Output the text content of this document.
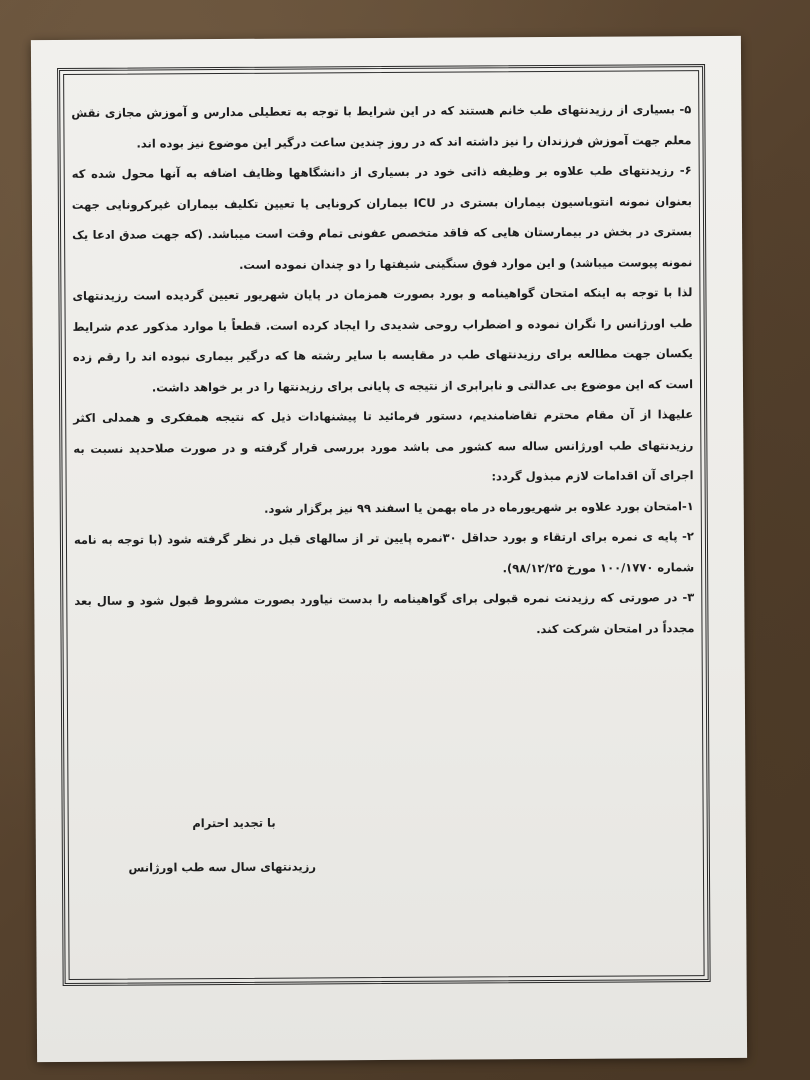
۵- بسیاری از رزیدنتهای طب خانم هستند که در این شرایط با توجه به تعطیلی مدارس و آموزش مجازی نقش معلم جهت آموزش فرزندان را نیز داشته اند که در روز چندین ساعت درگیر این موضوع نیز بوده اند.

۶- رزیدنتهای طب علاوه بر وظیفه ذاتی خود در بسیاری از دانشگاهها وظایف اضافه به آنها محول شده که بعنوان نمونه انتوباسیون بیماران بستری در ICU بیماران کرونایی یا تعیین تکلیف بیماران غیرکرونایی جهت بستری در بخش در بیمارستان هایی که فاقد متخصص عفونی تمام وقت است میباشد. (که جهت صدق ادعا یک نمونه پیوست میباشد) و این موارد فوق سنگینی شیفتها را دو چندان نموده است.

لذا با توجه به اینکه امتحان گواهینامه و بورد بصورت همزمان در پایان شهریور تعیین گردیده است رزیدنتهای طب اورژانس را نگران نموده و اضطراب روحی شدیدی را ایجاد کرده است. قطعاً با موارد مذکور عدم شرایط یکسان جهت مطالعه برای رزیدنتهای طب در مقایسه با سایر رشته ها که درگیر بیماری نبوده اند را رقم زده است که این موضوع بی عدالتی و نابرابری از نتیجه ی پایانی برای رزیدنتها را در بر خواهد داشت.

علیهذا از آن مقام محترم تقاضامندیم، دستور فرمائید تا پیشنهادات ذیل که نتیجه همفکری و همدلی اکثر رزیدنتهای طب اورژانس ساله سه کشور می باشد مورد بررسی قرار گرفته و در صورت صلاحدید نسبت به اجرای آن اقدامات لازم مبذول گردد:

۱-امتحان بورد علاوه بر شهریورماه در ماه بهمن یا اسفند ۹۹ نیز برگزار شود.

۲- پایه ی نمره برای ارتقاء و بورد حداقل ۳۰نمره پایین تر از سالهای قبل در نظر گرفته شود (با توجه به نامه شماره ۱۰۰/۱۷۷۰ مورخ ۹۸/۱۲/۲۵).

۳- در صورتی که رزیدنت نمره قبولی برای گواهینامه را بدست نیاورد بصورت مشروط قبول شود و سال بعد مجدداً در امتحان شرکت کند.

با تجدید احترام
رزیدنتهای سال سه طب اورژانس
